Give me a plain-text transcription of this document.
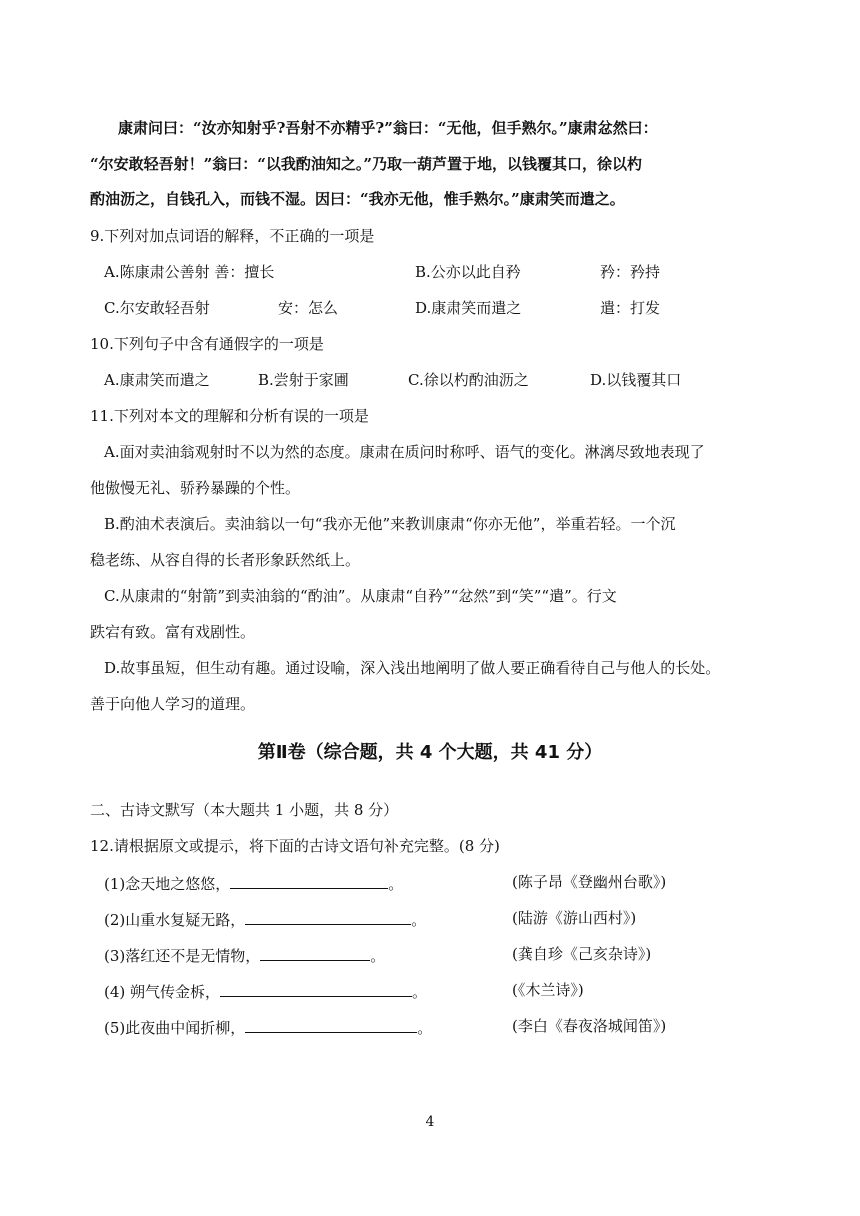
康肃问曰：“汝亦知射乎?吾射不亦精乎?”翁曰：“无他，但手熟尔。”康肃忿然曰：
“尔安敢轻吾射！”翁曰：“以我酌油知之。”乃取一葫芦置于地，以钱覆其口，徐以杓
酌油沥之，自钱孔入，而钱不湿。因曰：“我亦无他，惟手熟尔。”康肃笑而遣之。
9.下列对加点词语的解释，不正确的一项是
A.陈康肃公善射 善：擅长	B.公亦以此自矜	矜：矜持
C.尔安敢轻吾射	安：怎么	D.康肃笑而遣之	遣：打发
10.下列句子中含有通假字的一项是
A.康肃笑而遣之	B.尝射于家圃	C.徐以杓酌油沥之	D.以钱覆其口
11.下列对本文的理解和分析有误的一项是
A.面对卖油翁观射时不以为然的态度。康肃在质问时称呼、语气的变化。淋漓尽致地表现了
他傲慢无礼、骄矜暴躁的个性。
B.酌油术表演后。卖油翁以一句“我亦无他”来教训康肃“你亦无他”，举重若轻。一个沉
稳老练、从容自得的长者形象跃然纸上。
C.从康肃的“射箭”到卖油翁的“酌油”。从康肃“自矜”“忿然”到“笑”“遣”。行文
跌宕有致。富有戏剧性。
D.故事虽短，但生动有趣。通过设喻，深入浅出地阐明了做人要正确看待自己与他人的长处。
善于向他人学习的道理。
第Ⅱ卷（综合题，共 4 个大题，共 41 分）
二、古诗文默写（本大题共 1 小题，共 8 分）
12.请根据原文或提示，将下面的古诗文语句补充完整。(8 分)
(1)念天地之悠悠，	。	(陈子昂《登幽州台歌》)
(2)山重水复疑无路，	。	(陆游《游山西村》)
(3)落红还不是无情物，	。	(龚自珍《己亥杂诗》)
(4) 朔气传金柝，	。	(《木兰诗》)
(5)此夜曲中闻折柳，	。	(李白《春夜洛城闻笛》)
4
